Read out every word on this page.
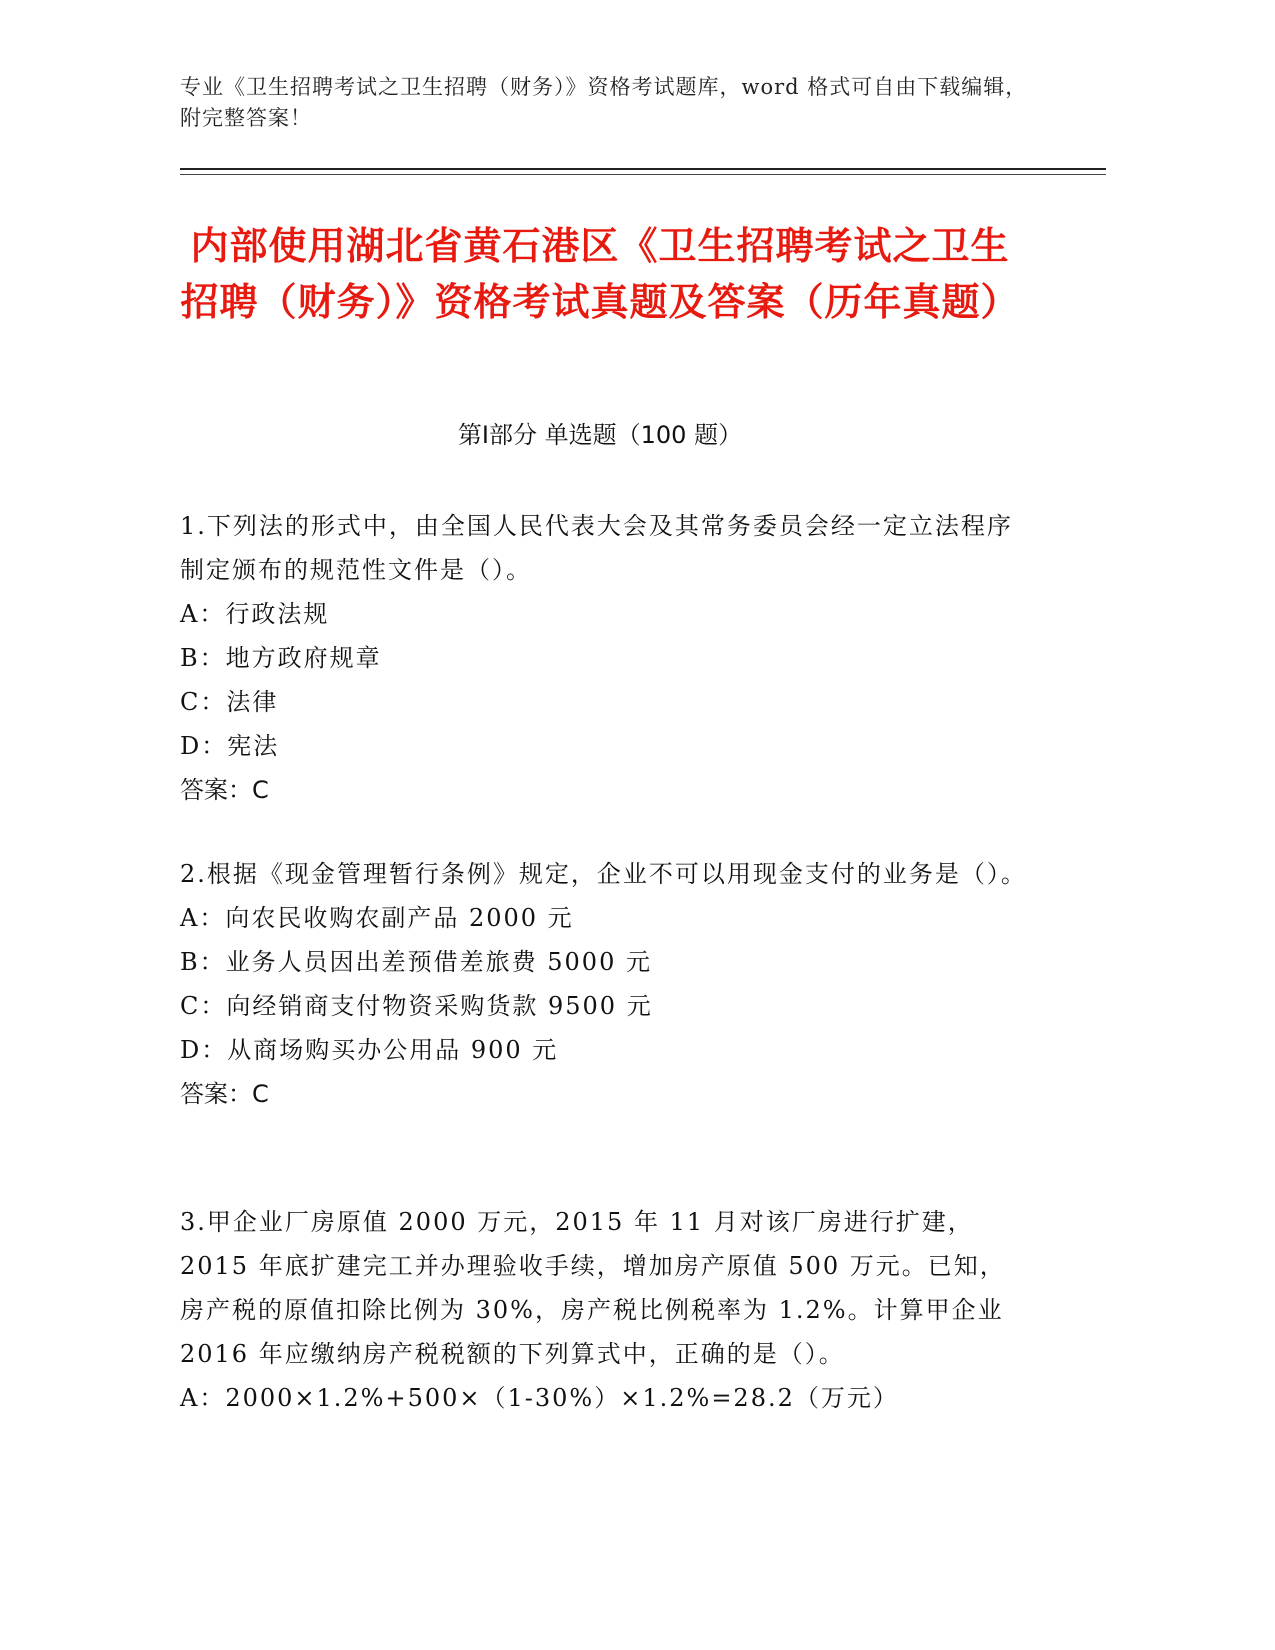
专业《卫生招聘考试之卫生招聘（财务）》资格考试题库，word 格式可自由下载编辑，附完整答案！
内部使用湖北省黄石港区《卫生招聘考试之卫生招聘（财务）》资格考试真题及答案（历年真题）
第Ⅰ部分 单选题（100 题）
1.下列法的形式中，由全国人民代表大会及其常务委员会经一定立法程序制定颁布的规范性文件是（）。
A：行政法规
B：地方政府规章
C：法律
D：宪法
答案：C
2.根据《现金管理暂行条例》规定，企业不可以用现金支付的业务是（）。
A：向农民收购农副产品 2000 元
B：业务人员因出差预借差旅费 5000 元
C：向经销商支付物资采购货款 9500 元
D：从商场购买办公用品 900 元
答案：C
3.甲企业厂房原值 2000 万元，2015 年 11 月对该厂房进行扩建，2015 年底扩建完工并办理验收手续，增加房产原值 500 万元。已知，房产税的原值扣除比例为 30%，房产税比例税率为 1.2%。计算甲企业 2016 年应缴纳房产税税额的下列算式中，正确的是（）。
A：2000×1.2%+500×（1-30%）×1.2%=28.2（万元）
